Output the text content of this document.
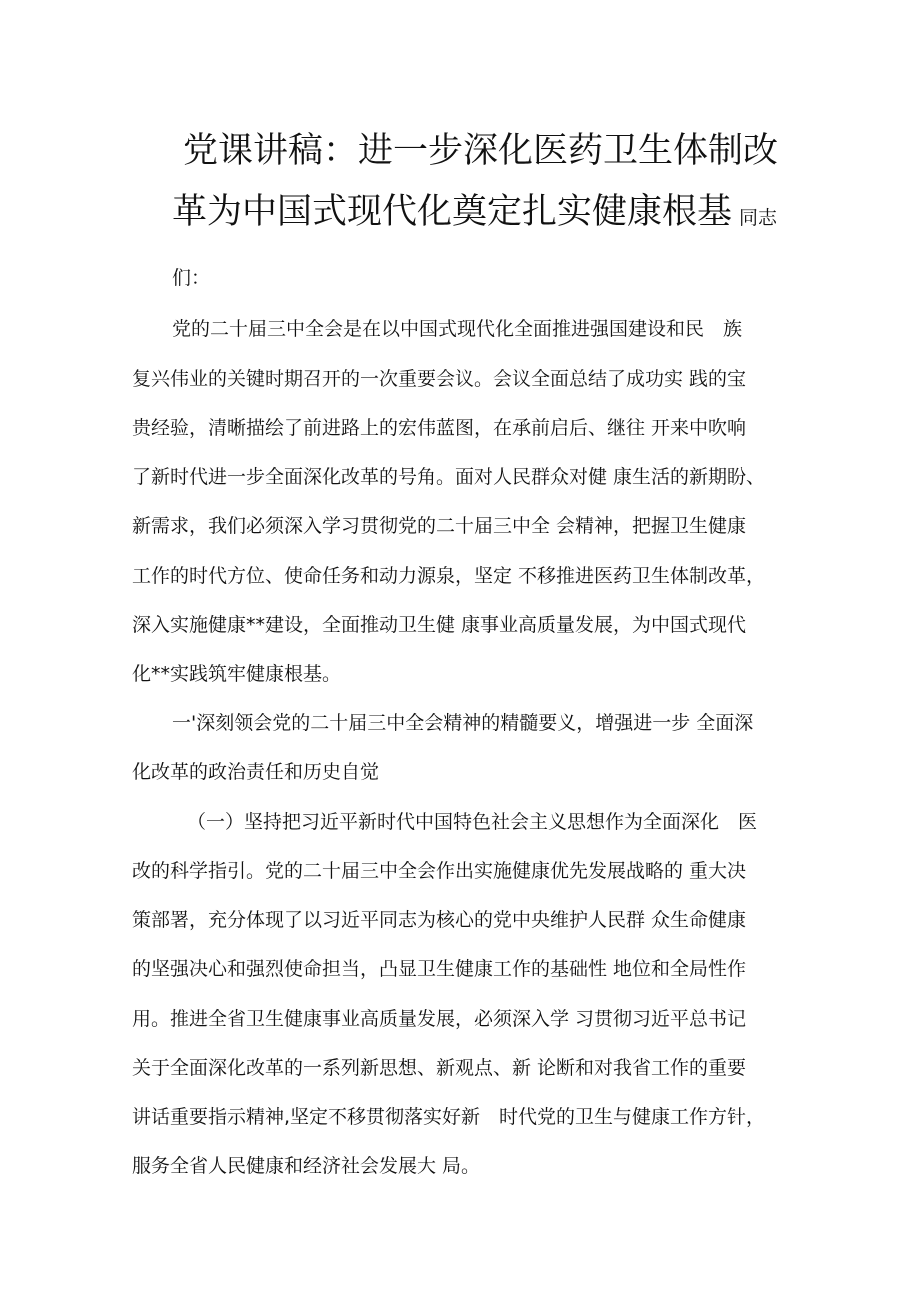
党课讲稿：进一步深化医药卫生体制改
革为中国式现代化奠定扎实健康根基 同志
们：
党的二十届三中全会是在以中国式现代化全面推进强国建设和民　族
复兴伟业的关键时期召开的一次重要会议。会议全面总结了成功实 践的宝
贵经验，清晰描绘了前进路上的宏伟蓝图，在承前启后、继往 开来中吹响
了新时代进一步全面深化改革的号角。面对人民群众对健 康生活的新期盼、
新需求，我们必须深入学习贯彻党的二十届三中全 会精神，把握卫生健康
工作的时代方位、使命任务和动力源泉，坚定 不移推进医药卫生体制改革，
深入实施健康**建设，全面推动卫生健 康事业高质量发展，为中国式现代
化**实践筑牢健康根基。
一'深刻领会党的二十届三中全会精神的精髓要义，增强进一步 全面深
化改革的政治责任和历史自觉
（一）坚持把习近平新时代中国特色社会主义思想作为全面深化　医
改的科学指引。党的二十届三中全会作出实施健康优先发展战略的 重大决
策部署，充分体现了以习近平同志为核心的党中央维护人民群 众生命健康
的坚强决心和强烈使命担当，凸显卫生健康工作的基础性 地位和全局性作
用。推进全省卫生健康事业高质量发展，必须深入学 习贯彻习近平总书记
关于全面深化改革的一系列新思想、新观点、新 论断和对我省工作的重要
讲话重要指示精神,坚定不移贯彻落实好新　时代党的卫生与健康工作方针，
服务全省人民健康和经济社会发展大 局。
